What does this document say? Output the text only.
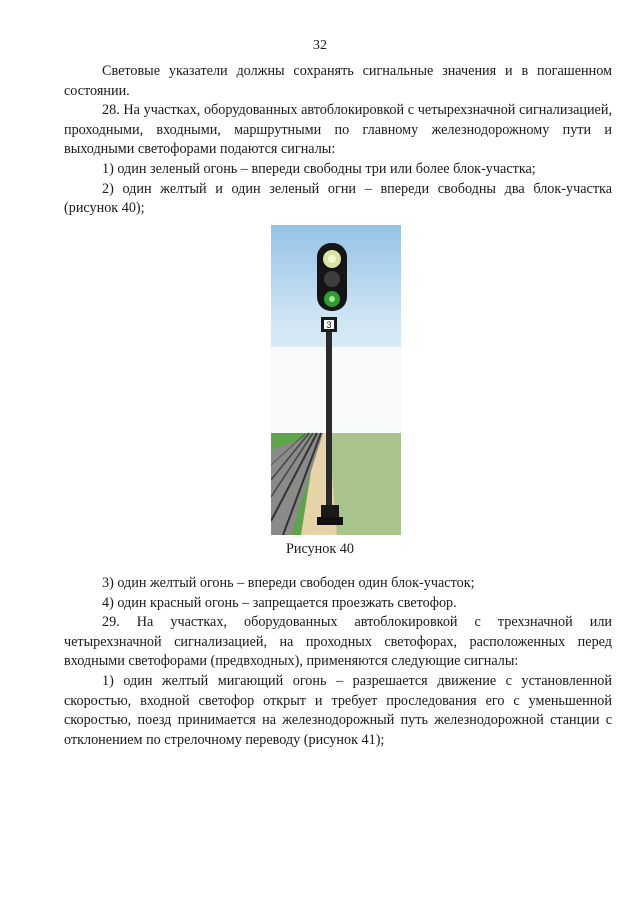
32

Световые указатели должны сохранять сигнальные значения и в погашенном состоянии.

28. На участках, оборудованных автоблокировкой с четырехзначной сигнализацией, проходными, входными, маршрутными по главному железнодорожному пути и выходными светофорами подаются сигналы:

1) один зеленый огонь – впереди свободны три или более блок-участка;

2) один желтый и один зеленый огни – впереди свободны два блок-участка (рисунок 40);

3
Рисунок 40

3) один желтый огонь – впереди свободен один блок-участок;

4) один красный огонь – запрещается проезжать светофор.

29. На участках, оборудованных автоблокировкой с трехзначной или четырехзначной сигнализацией, на проходных светофорах, расположенных перед входными светофорами (предвходных), применяются следующие сигналы:

1) один желтый мигающий огонь – разрешается движение с установленной скоростью, входной светофор открыт и требует проследования его с уменьшенной скоростью, поезд принимается на железнодорожный путь железнодорожной станции с отклонением по стрелочному переводу (рисунок 41);
